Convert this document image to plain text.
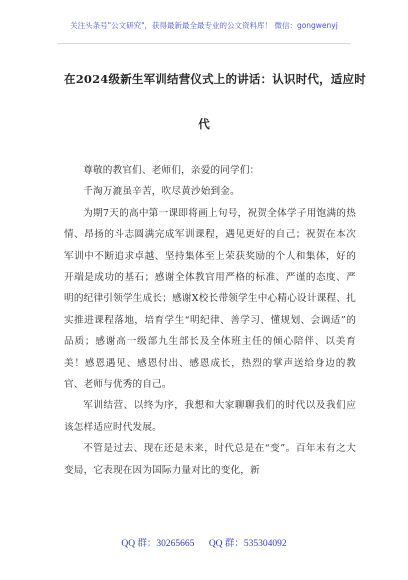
关注头条号"公文研究"，获得最新最全最专业的公文资料库！ 微信：gongwenyj
在2024级新生军训结营仪式上的讲话：认识时代，适应时
代

尊敬的教官们、老师们，亲爱的同学们：

千淘万漉虽辛苦，吹尽黄沙始到金。

为期7天的高中第一课即将画上句号，祝贺全体学子用饱满的热情、昂扬的斗志圆满完成军训课程，遇见更好的自己；祝贺在本次军训中不断追求卓越、坚持集体至上荣获奖励的个人和集体，好的开端是成功的基石；感谢全体教官用严格的标准、严谨的态度、严明的纪律引领学生成长；感谢X校长带领学生中心精心设计课程、扎实推进课程落地，培育学生“明纪律、善学习、懂规划、会调适”的品质；感谢高一级部九生部长及全体班主任的倾心陪伴、以美育美！感恩遇见、感恩付出、感恩成长，热烈的掌声送给身边的教官、老师与优秀的自己。

军训结营、以终为序，我想和大家聊聊我们的时代以及我们应该怎样适应时代发展。

不管是过去、现在还是未来，时代总是在“变”。百年未有之大变局，它表现在因为国际力量对比的变化，新

QQ 群：30265665 QQ 群：535304092
